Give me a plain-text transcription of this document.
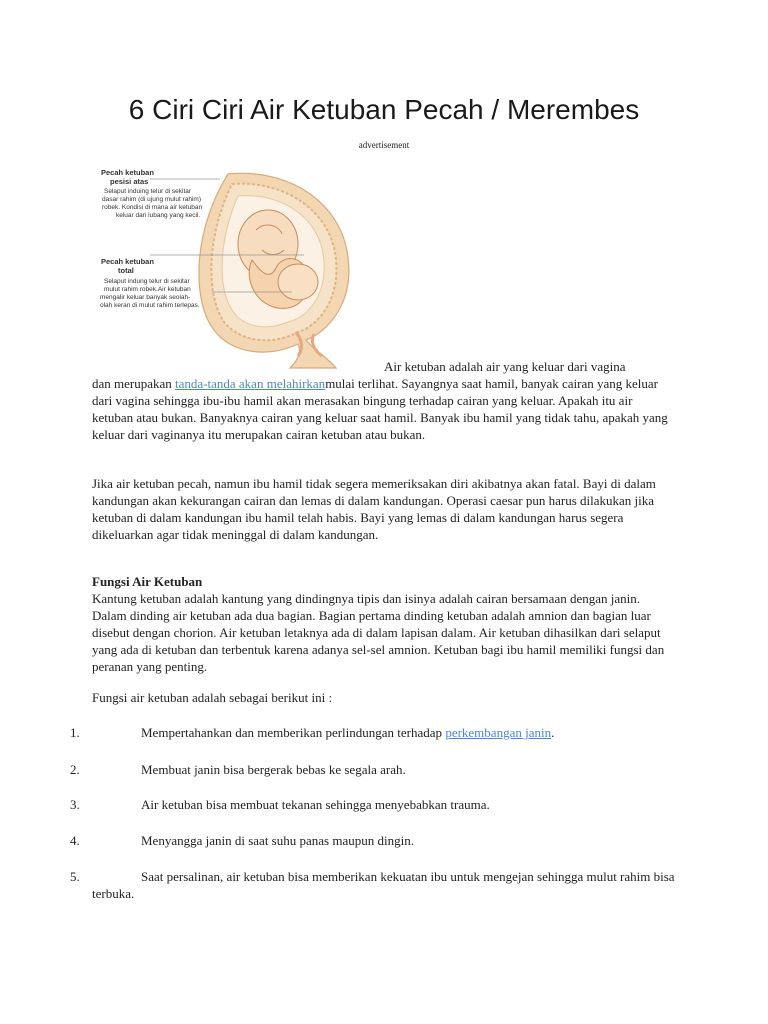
6 Ciri Ciri Air Ketuban Pecah / Merembes
advertisement
Pecah ketuban
pesisi atas
Selaput induing telur di sekitar
dasar rahim (di ujung mulut rahim)
robek. Kondisi di mana air ketuban
keluar dari lubang yang kecil.
Pecah ketuban
total
Selaput indung telur di sekitar
mulut rahim robek.Air ketuban
mengalir keluar banyak seolah-
olah keran di mulut rahim terlepas.

Air ketuban adalah air yang keluar dari vagina

dan merupakan tanda-tanda akan melahirkanmulai terlihat. Sayangnya saat hamil, banyak cairan yang keluar dari vagina sehingga ibu-ibu hamil akan merasakan bingung terhadap cairan yang keluar. Apakah itu air ketuban atau bukan. Banyaknya cairan yang keluar saat hamil. Banyak ibu hamil yang tidak tahu, apakah yang keluar dari vaginanya itu merupakan cairan ketuban atau bukan.

Jika air ketuban pecah, namun ibu hamil tidak segera memeriksakan diri akibatnya akan fatal. Bayi di dalam kandungan akan kekurangan cairan dan lemas di dalam kandungan. Operasi caesar pun harus dilakukan jika ketuban di dalam kandungan ibu hamil telah habis. Bayi yang lemas di dalam kandungan harus segera dikeluarkan agar tidak meninggal di dalam kandungan.
Fungsi Air Ketuban
Kantung ketuban adalah kantung yang dindingnya tipis dan isinya adalah cairan bersamaan dengan janin. Dalam dinding air ketuban ada dua bagian. Bagian pertama dinding ketuban adalah amnion dan bagian luar disebut dengan chorion. Air ketuban letaknya ada di dalam lapisan dalam. Air ketuban dihasilkan dari selaput yang ada di ketuban dan terbentuk karena adanya sel-sel amnion. Ketuban bagi ibu hamil memiliki fungsi dan peranan yang penting.
Fungsi air ketuban adalah sebagai berikut ini :
1.	Mempertahankan dan memberikan perlindungan terhadap perkembangan janin.
2.	Membuat janin bisa bergerak bebas ke segala arah.
3.	Air ketuban bisa membuat tekanan sehingga menyebabkan trauma.
4.	Menyangga janin di saat suhu panas maupun dingin.
5.	Saat persalinan, air ketuban bisa memberikan kekuatan ibu untuk mengejan sehingga mulut rahim bisa terbuka.
